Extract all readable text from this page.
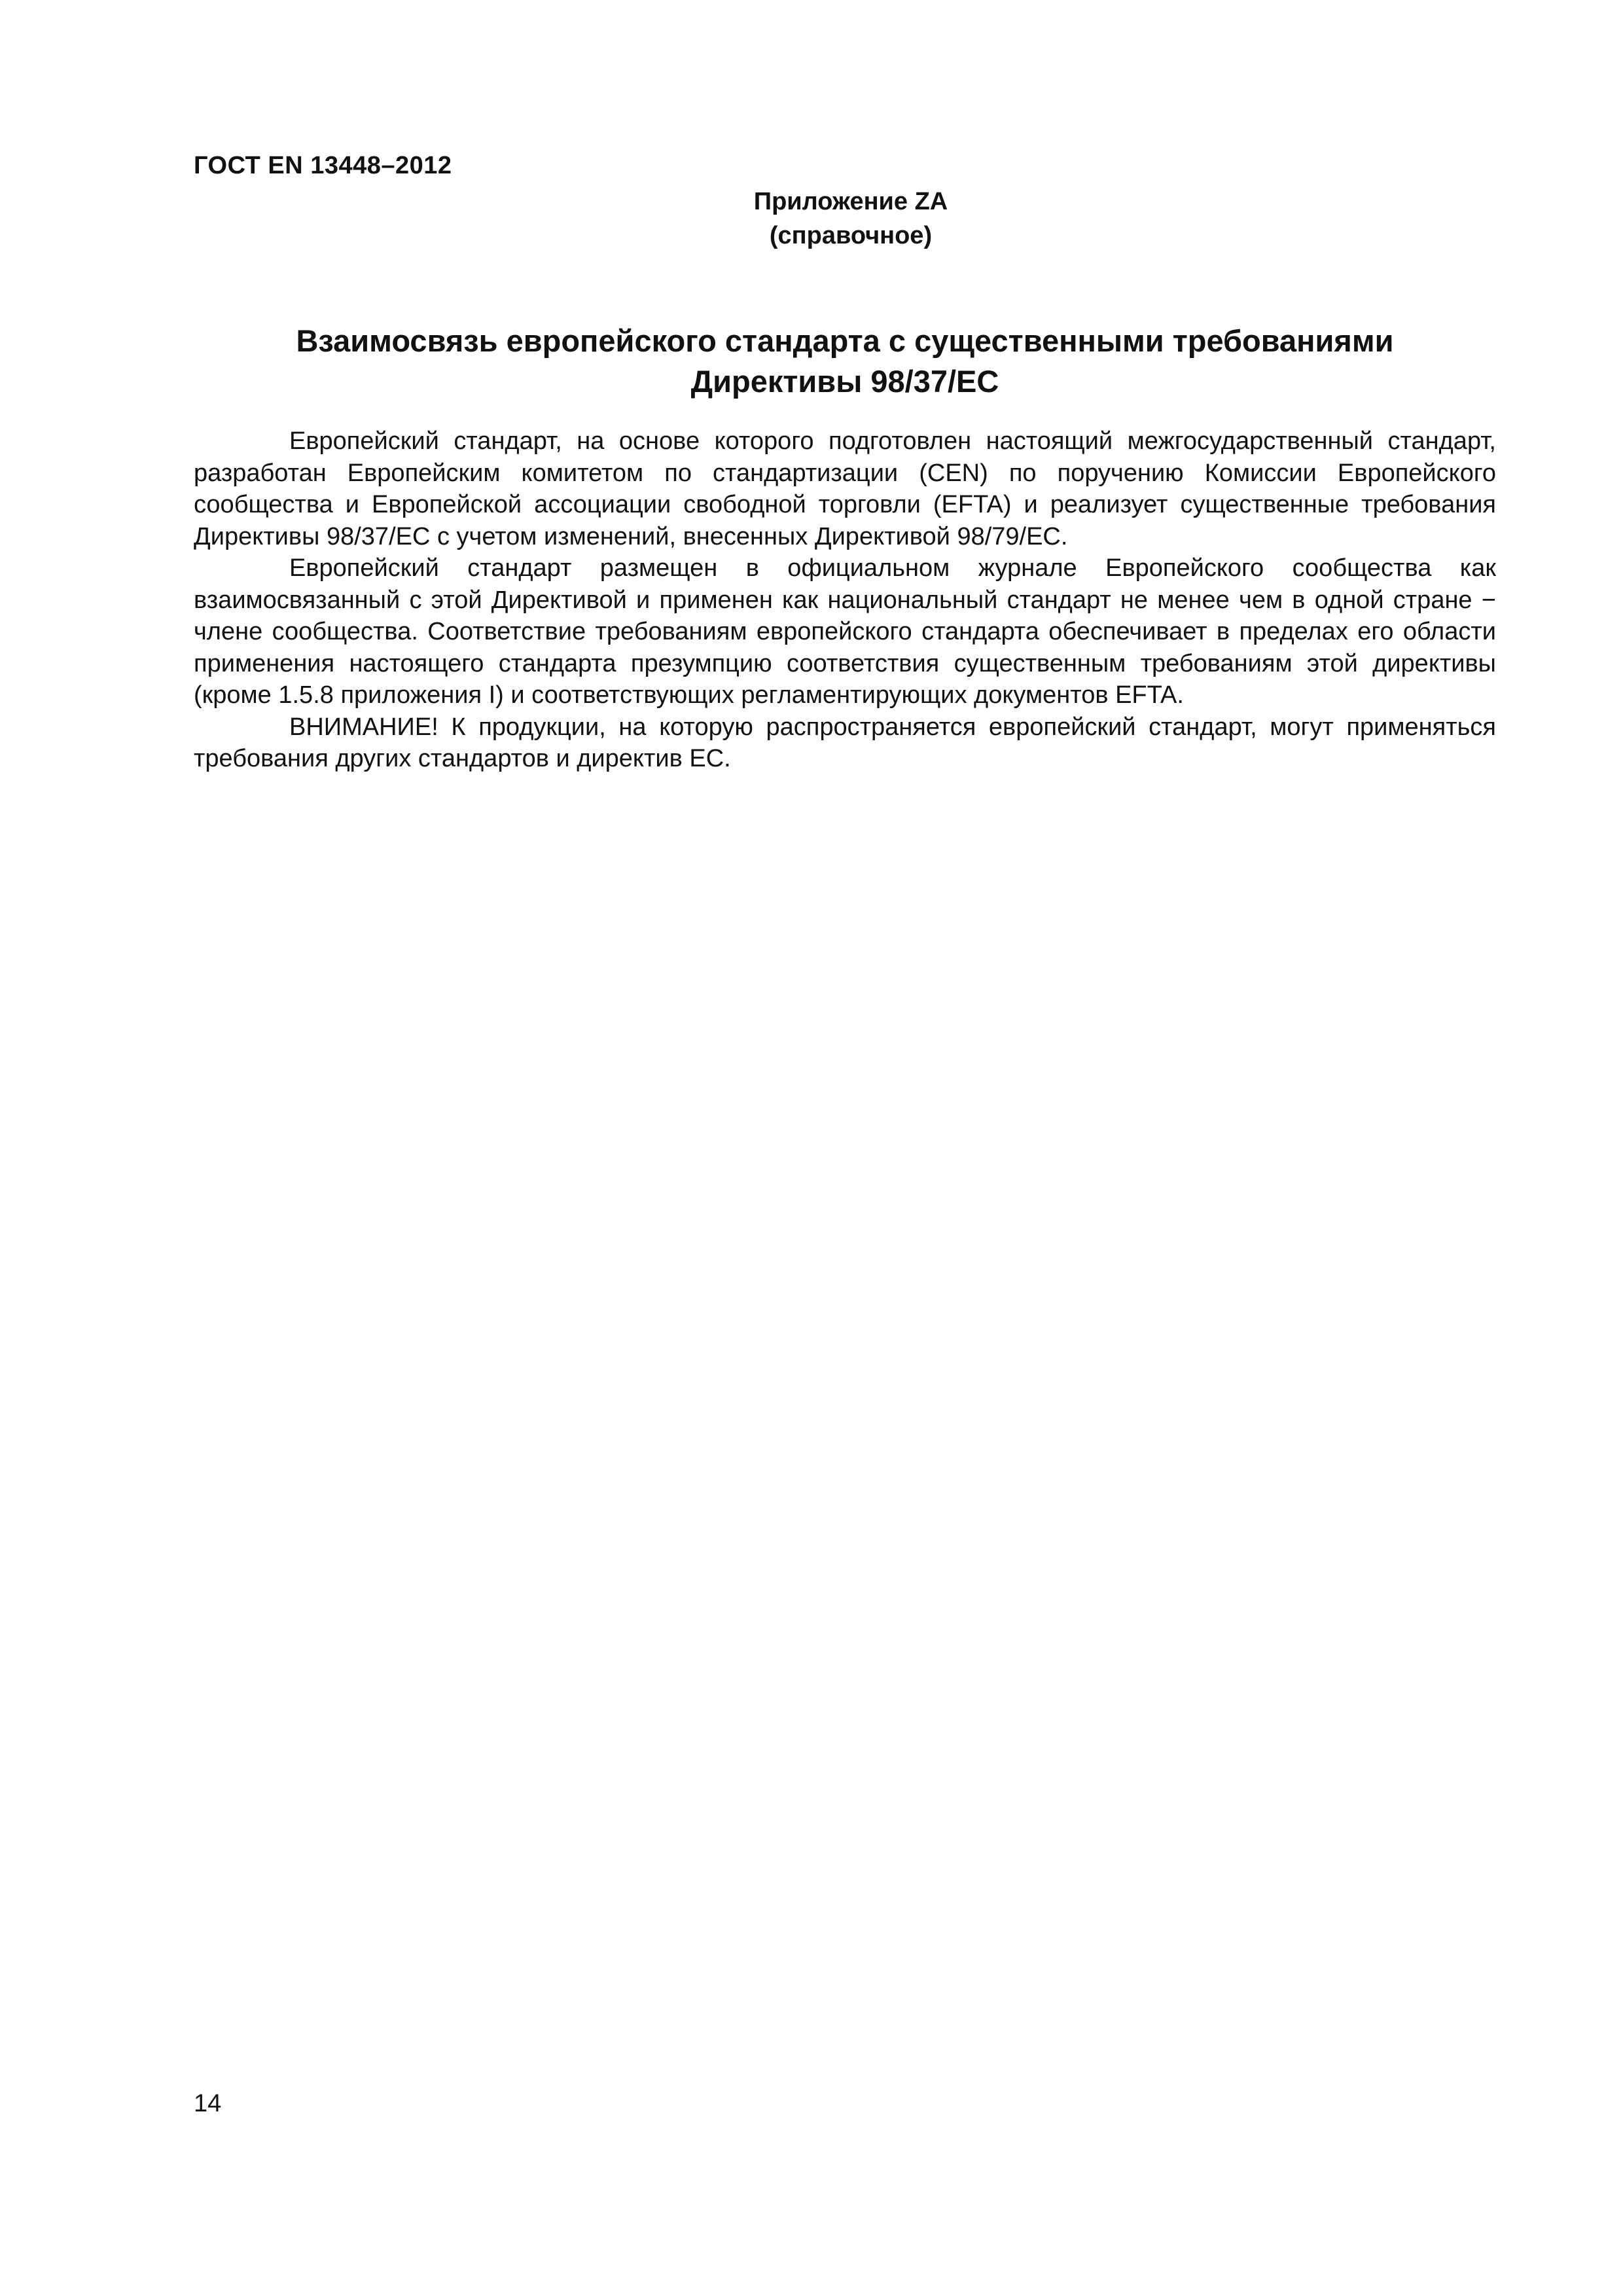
ГОСТ EN 13448–2012
Приложение ZA
(справочное)
Взаимосвязь европейского стандарта с существенными требованиями
Директивы 98/37/EC

Европейский стандарт, на основе которого подготовлен настоящий межгосударственный стандарт, разработан Европейским комитетом по стандартизации (CEN) по поручению Комиссии Европейского сообщества и Европейской ассоциации свободной торговли (EFTA) и реализует существенные требования Директивы 98/37/EC с учетом изменений, внесенных Директивой 98/79/EC.

Европейский стандарт размещен в официальном журнале Европейского сообщества как взаимосвязанный с этой Директивой и применен как национальный стандарт не менее чем в одной стране − члене сообщества. Соответствие требованиям европейского стандарта обеспечивает в пределах его области применения настоящего стандарта презумпцию соответствия существенным требованиям этой директивы (кроме 1.5.8 приложения I) и соответствующих регламентирующих документов EFTA.

ВНИМАНИЕ! К продукции, на которую распространяется европейский стандарт, могут применяться требования других стандартов и директив ЕС.

14
